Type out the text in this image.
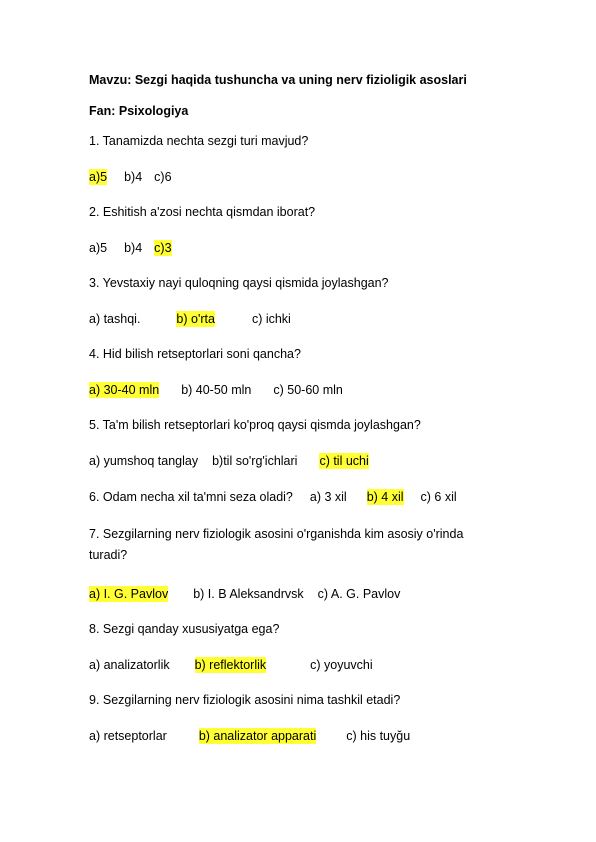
Mavzu: Sezgi haqida tushuncha va uning nerv fizioligik asoslari
Fan: Psixologiya
1. Tanamizda nechta sezgi turi mavjud?
a)5 b)4 c)6
2. Eshitish a'zosi nechta qismdan iborat?
a)5 b)4 c)3
3. Yevstaxiy nayi quloqning qaysi qismida joylashgan?
a) tashqi.	b) o'rta	c) ichki
4. Hid bilish retseptorlari soni qancha?
a) 30-40 mln b) 40-50 mln c) 50-60 mln
5. Ta'm bilish retseptorlari ko'proq qaysi qismda joylashgan?
a) yumshoq tanglay b)til so'rg'ichlari c) til uchi
6. Odam necha xil ta'mni seza oladi? a) 3 xil b) 4 xil c) 6 xil
7. Sezgilarning nerv fiziologik asosini o'rganishda kim asosiy o'rinda turadi?
a) I. G. Pavlov b) I. B Aleksandrvsk c) A. G. Pavlov
8. Sezgi qanday xususiyatga ega?
a) analizatorlik b) reflektorlik	c) yoyuvchi
9. Sezgilarning nerv fiziologik asosini nima tashkil etadi?
a) retseptorlar	b) analizator apparati c) his tuyğu
